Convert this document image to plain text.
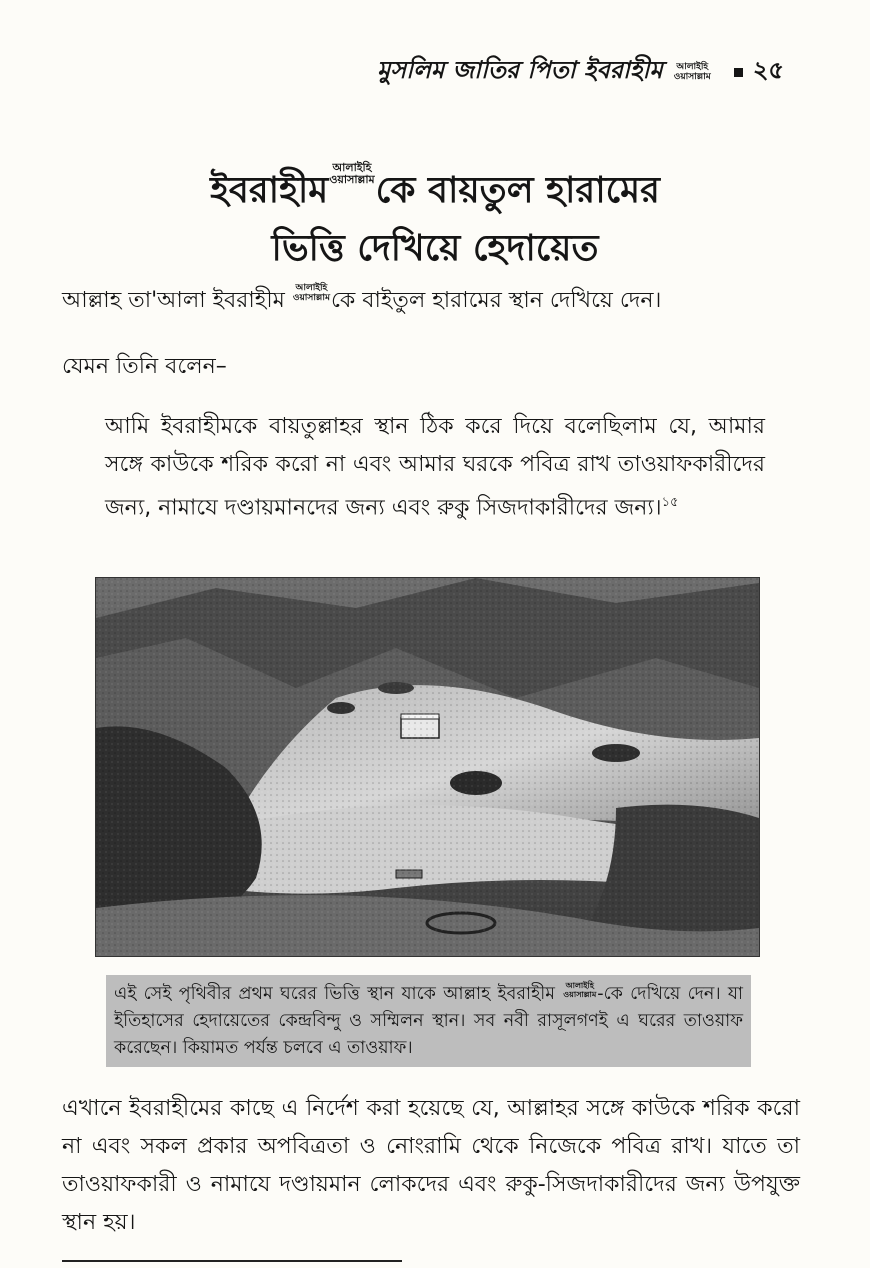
মুসলিম জাতির পিতা ইবরাহীম আলাইহি
ওয়াসাল্লাম ২৫
ইবরাহীম
আলাইহি
ওয়াসাল্লাম কে বায়তুল হারামের
ভিত্তি দেখিয়ে হেদায়েত

আল্লাহ তা'আলা ইবরাহীম আলাইহি
ওয়াসাল্লাম কে বাইতুল হারামের স্থান দেখিয়ে দেন।

যেমন তিনি বলেন–

আমি ইবরাহীমকে বায়তুল্লাহর স্থান ঠিক করে দিয়ে বলেছিলাম যে, আমার সঙ্গে কাউকে শরিক করো না এবং আমার ঘরকে পবিত্র রাখ তাওয়াফকারীদের জন্য, নামাযে দণ্ডায়মানদের জন্য এবং রুকু সিজদাকারীদের জন্য।$^{১৫}$

এই সেই পৃথিবীর প্রথম ঘরের ভিত্তি স্থান যাকে আল্লাহ ইবরাহীম আলাইহি
ওয়াসাল্লাম -কে দেখিয়ে দেন। যা ইতিহাসের হেদায়েতের কেন্দ্রবিন্দু ও সম্মিলন স্থান। সব নবী রাসূলগণই এ ঘরের তাওয়াফ করেছেন। কিয়ামত পর্যন্ত চলবে এ তাওয়াফ।

এখানে ইবরাহীমের কাছে এ নির্দেশ করা হয়েছে যে, আল্লাহর সঙ্গে কাউকে শরিক করো না এবং সকল প্রকার অপবিত্রতা ও নোংরামি থেকে নিজেকে পবিত্র রাখ। যাতে তা তাওয়াফকারী ও নামাযে দণ্ডায়মান লোকদের এবং রুকু-সিজদাকারীদের জন্য উপযুক্ত স্থান হয়।
